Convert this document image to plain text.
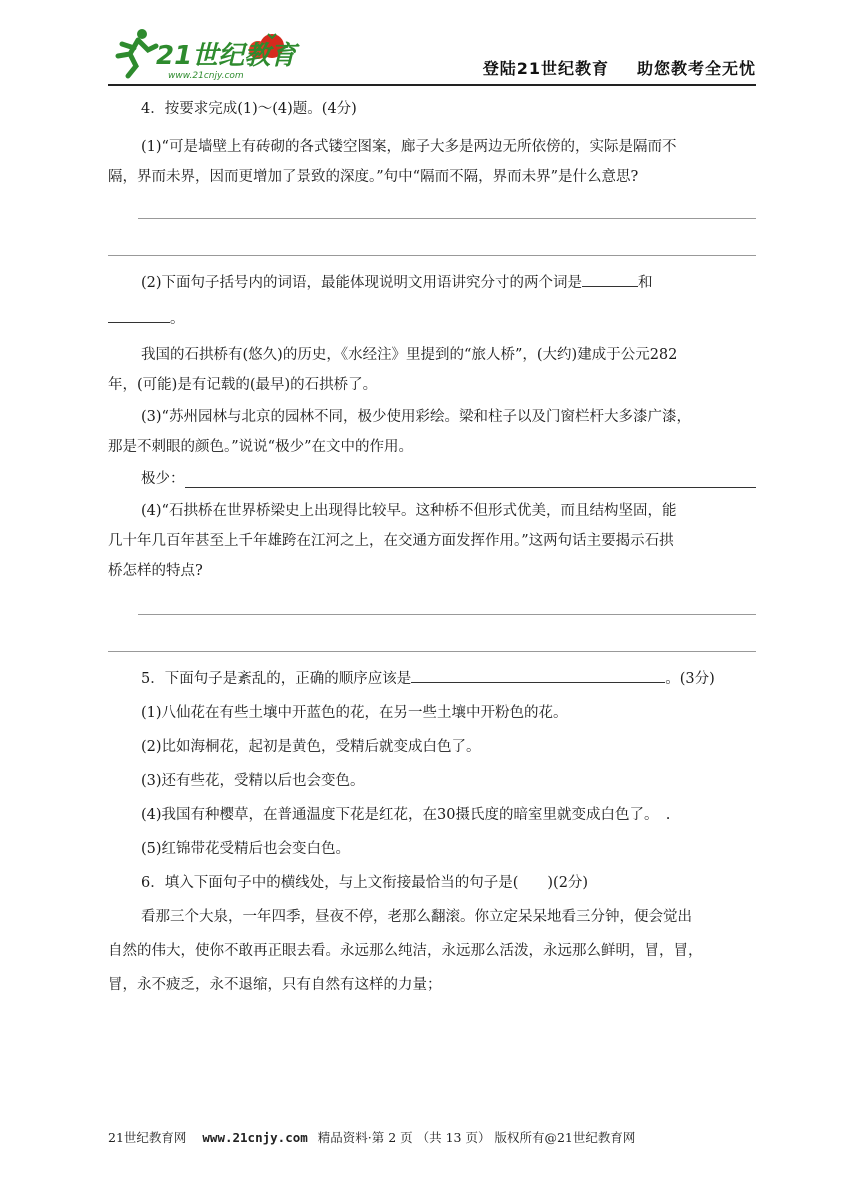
21世纪教育
www.21cnjy.com	登陆21世纪教育 助您教考全无忧

4．按要求完成(1)～(4)题。(4分)

(1)“可是墙壁上有砖砌的各式镂空图案，廊子大多是两边无所依傍的，实际是隔而不

隔，界而未界，因而更增加了景致的深度。”句中“隔而不隔，界而未界”是什么意思?

(2)下面句子括号内的词语，最能体现说明文用语讲究分寸的两个词是	和

。

我国的石拱桥有(悠久)的历史，《水经注》里提到的“旅人桥”，(大约)建成于公元282

年，(可能)是有记载的(最早)的石拱桥了。

(3)“苏州园林与北京的园林不同，极少使用彩绘。梁和柱子以及门窗栏杆大多漆广漆，

那是不刺眼的颜色。”说说“极少”在文中的作用。

极少：

(4)“石拱桥在世界桥梁史上出现得比较早。这种桥不但形式优美，而且结构坚固，能

几十年几百年甚至上千年雄跨在江河之上，在交通方面发挥作用。”这两句话主要揭示石拱

桥怎样的特点?

5．下面句子是紊乱的，正确的顺序应该是	。(3分)

(1)八仙花在有些土壤中开蓝色的花，在另一些土壤中开粉色的花。

(2)比如海桐花，起初是黄色，受精后就变成白色了。

(3)还有些花，受精以后也会变色。

(4)我国有种樱草，在普通温度下花是红花，在30摄氏度的暗室里就变成白色了。　.

(5)红锦带花受精后也会变白色。

6．填入下面句子中的横线处，与上文衔接最恰当的句子是(　　)(2分)

看那三个大泉，一年四季，昼夜不停，老那么翻滚。你立定呆呆地看三分钟，便会觉出

自然的伟大，使你不敢再正眼去看。永远那么纯洁，永远那么活泼，永远那么鲜明，冒，冒，

冒，永不疲乏，永不退缩，只有自然有这样的力量；

21世纪教育网 www.21cnjy.com 精品资料·第 2 页 （共 13 页） 版权所有@21世纪教育网
